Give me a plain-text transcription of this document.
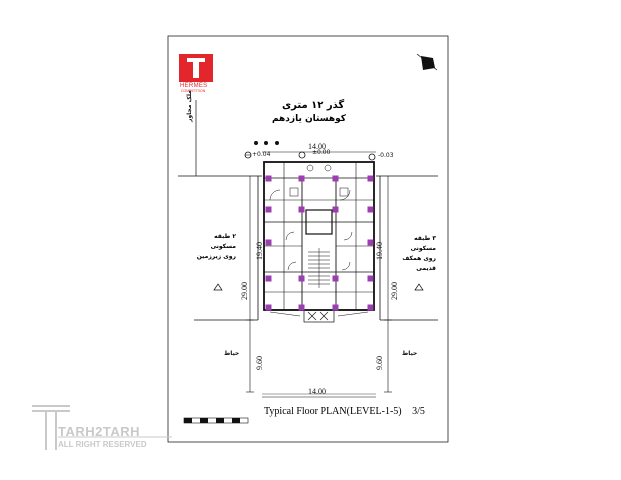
HERMES
COMPETITION
گذر ۱۲ متری
کوهستان یازدهم
ملک مجاور
۲ طبقه مسکونی
روی زیرزمین
۳ طبقه مسکونی
روی همکف
قدیمی
حیاط	حیاط
14.00
14.00
29.00
19.40
9.60
29.00
19.40
9.60
+0.04	±0.00	-0.03
Typical Floor PLAN(LEVEL-1-5) 3/5
TARH2TARH
ALL RIGHT RESERVED
